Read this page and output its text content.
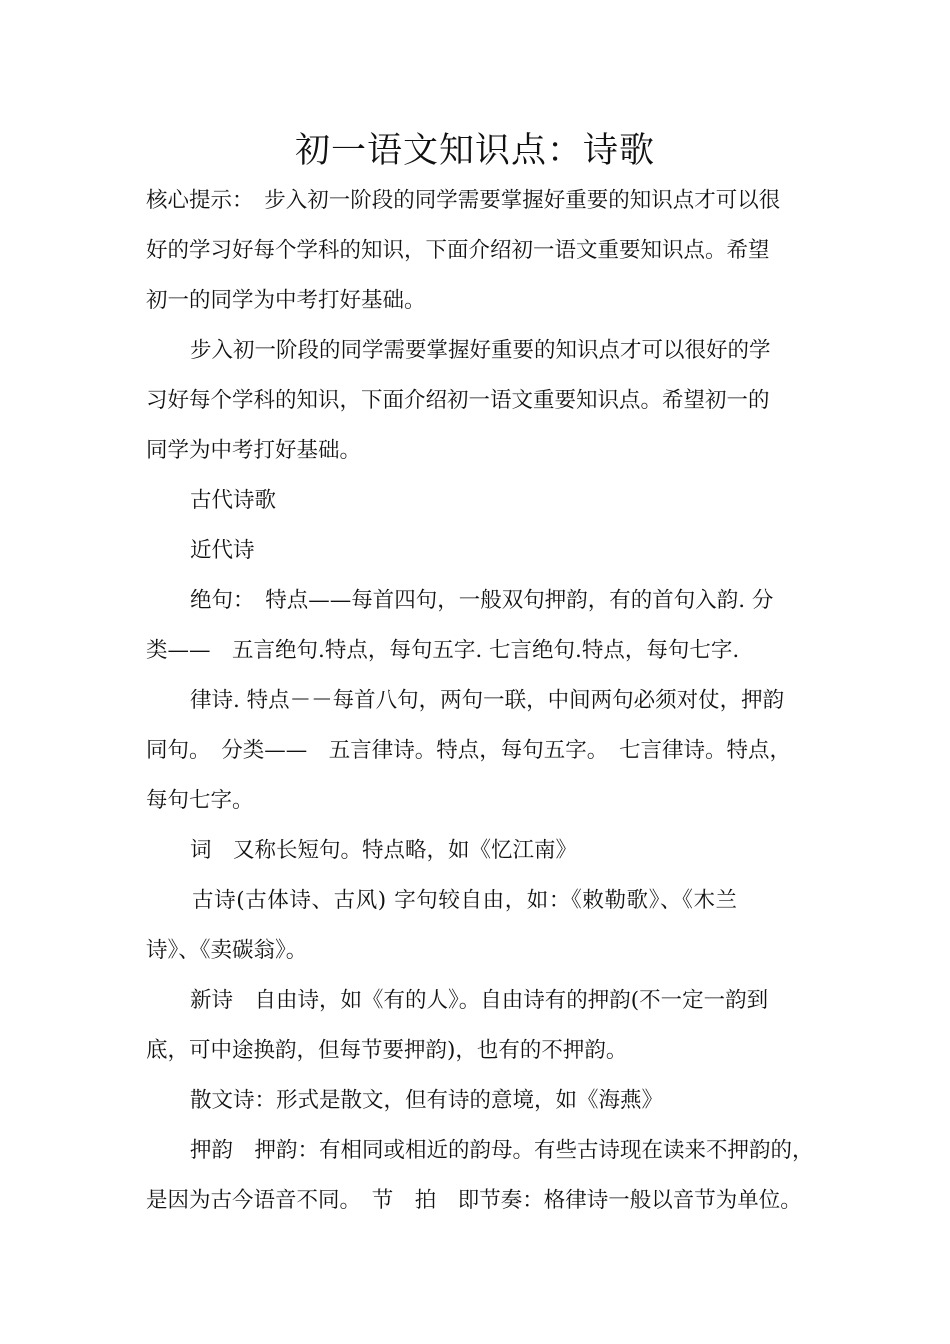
初一语文知识点：诗歌

核心提示：　步入初一阶段的同学需要掌握好重要的知识点才可以很

好的学习好每个学科的知识，下面介绍初一语文重要知识点。希望

初一的同学为中考打好基础。

步入初一阶段的同学需要掌握好重要的知识点才可以很好的学

习好每个学科的知识，下面介绍初一语文重要知识点。希望初一的

同学为中考打好基础。

古代诗歌

近代诗

绝句：　特点——每首四句，一般双句押韵，有的首句入韵. 分

类——　五言绝句.特点，每句五字. 七言绝句.特点，每句七字.

律诗. 特点－－每首八句，两句一联，中间两句必须对仗，押韵

同句。　分类——　五言律诗。特点，每句五字。　七言律诗。特点，

每句七字。

词　又称长短句。特点略，如《忆江南》

古诗(古体诗、古风) 字句较自由，如：《敕勒歌》、《木兰

诗》、《卖碳翁》。

新诗　自由诗，如《有的人》。自由诗有的押韵(不一定一韵到

底，可中途换韵，但每节要押韵)，也有的不押韵。

散文诗：形式是散文，但有诗的意境，如《海燕》

押韵　押韵：有相同或相近的韵母。有些古诗现在读来不押韵的，

是因为古今语音不同。　节　拍　即节奏：格律诗一般以音节为单位。
